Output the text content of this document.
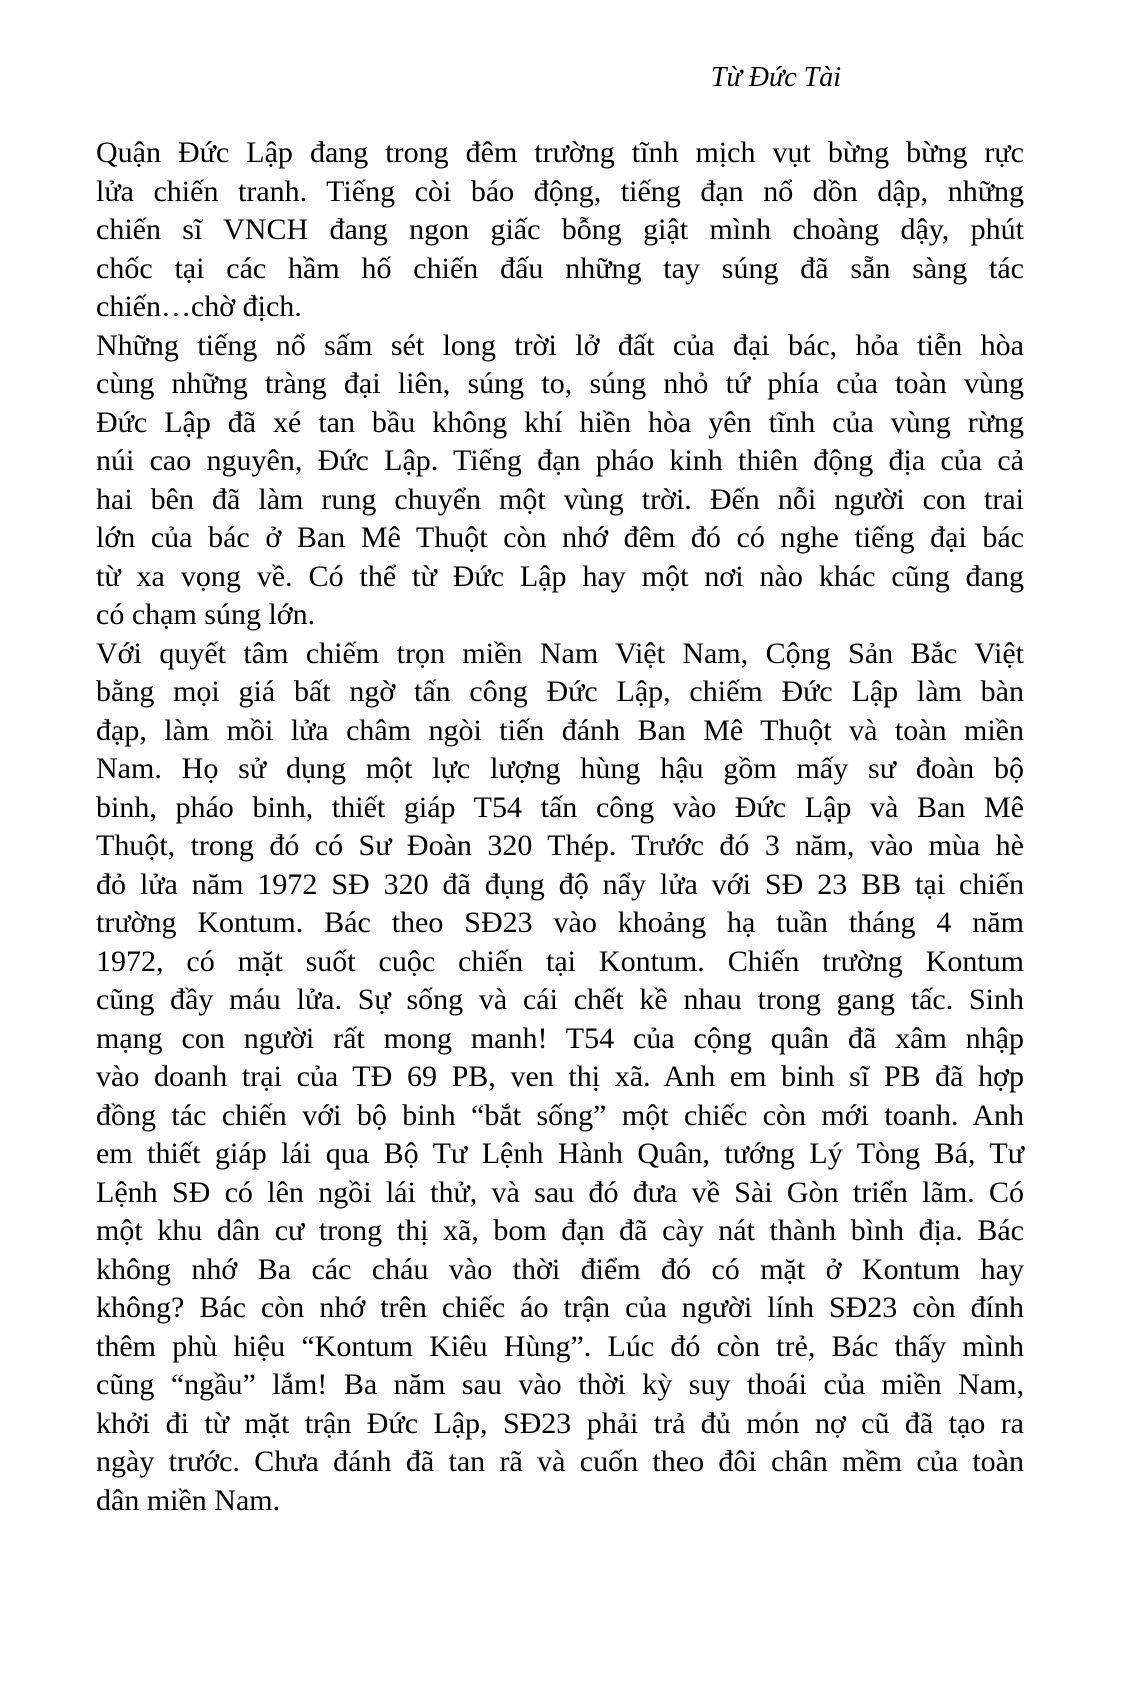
Từ Đức Tài
Quận Đức Lập đang trong đêm trường tĩnh mịch vụt bừng bừng rực
lửa chiến tranh. Tiếng còi báo động, tiếng đạn nổ dồn dập, những
chiến sĩ VNCH đang ngon giấc bỗng giật mình choàng dậy, phút
chốc tại các hầm hố chiến đấu những tay súng đã sẵn sàng tác
chiến…chờ địch.
Những tiếng nổ sấm sét long trời lở đất của đại bác, hỏa tiễn hòa
cùng những tràng đại liên, súng to, súng nhỏ tứ phía của toàn vùng
Đức Lập đã xé tan bầu không khí hiền hòa yên tĩnh của vùng rừng
núi cao nguyên, Đức Lập. Tiếng đạn pháo kinh thiên động địa của cả
hai bên đã làm rung chuyển một vùng trời. Đến nỗi người con trai
lớn của bác ở Ban Mê Thuột còn nhớ đêm đó có nghe tiếng đại bác
từ xa vọng về. Có thể từ Đức Lập hay một nơi nào khác cũng đang
có chạm súng lớn.
Với quyết tâm chiếm trọn miền Nam Việt Nam, Cộng Sản Bắc Việt
bằng mọi giá bất ngờ tấn công Đức Lập, chiếm Đức Lập làm bàn
đạp, làm mồi lửa châm ngòi tiến đánh Ban Mê Thuột và toàn miền
Nam. Họ sử dụng một lực lượng hùng hậu gồm mấy sư đoàn bộ
binh, pháo binh, thiết giáp T54 tấn công vào Đức Lập và Ban Mê
Thuột, trong đó có Sư Đoàn 320 Thép. Trước đó 3 năm, vào mùa hè
đỏ lửa năm 1972 SĐ 320 đã đụng độ nẩy lửa với SĐ 23 BB tại chiến
trường Kontum. Bác theo SĐ23 vào khoảng hạ tuần tháng 4 năm
1972, có mặt suốt cuộc chiến tại Kontum. Chiến trường Kontum
cũng đầy máu lửa. Sự sống và cái chết kề nhau trong gang tấc. Sinh
mạng con người rất mong manh! T54 của cộng quân đã xâm nhập
vào doanh trại của TĐ 69 PB, ven thị xã. Anh em binh sĩ PB đã hợp
đồng tác chiến với bộ binh “bắt sống” một chiếc còn mới toanh. Anh
em thiết giáp lái qua Bộ Tư Lệnh Hành Quân, tướng Lý Tòng Bá, Tư
Lệnh SĐ có lên ngồi lái thử, và sau đó đưa về Sài Gòn triển lãm. Có
một khu dân cư trong thị xã, bom đạn đã cày nát thành bình địa. Bác
không nhớ Ba các cháu vào thời điểm đó có mặt ở Kontum hay
không? Bác còn nhớ trên chiếc áo trận của người lính SĐ23 còn đính
thêm phù hiệu “Kontum Kiêu Hùng”. Lúc đó còn trẻ, Bác thấy mình
cũng “ngầu” lắm! Ba năm sau vào thời kỳ suy thoái của miền Nam,
khởi đi từ mặt trận Đức Lập, SĐ23 phải trả đủ món nợ cũ đã tạo ra
ngày trước. Chưa đánh đã tan rã và cuốn theo đôi chân mềm của toàn
dân miền Nam.
